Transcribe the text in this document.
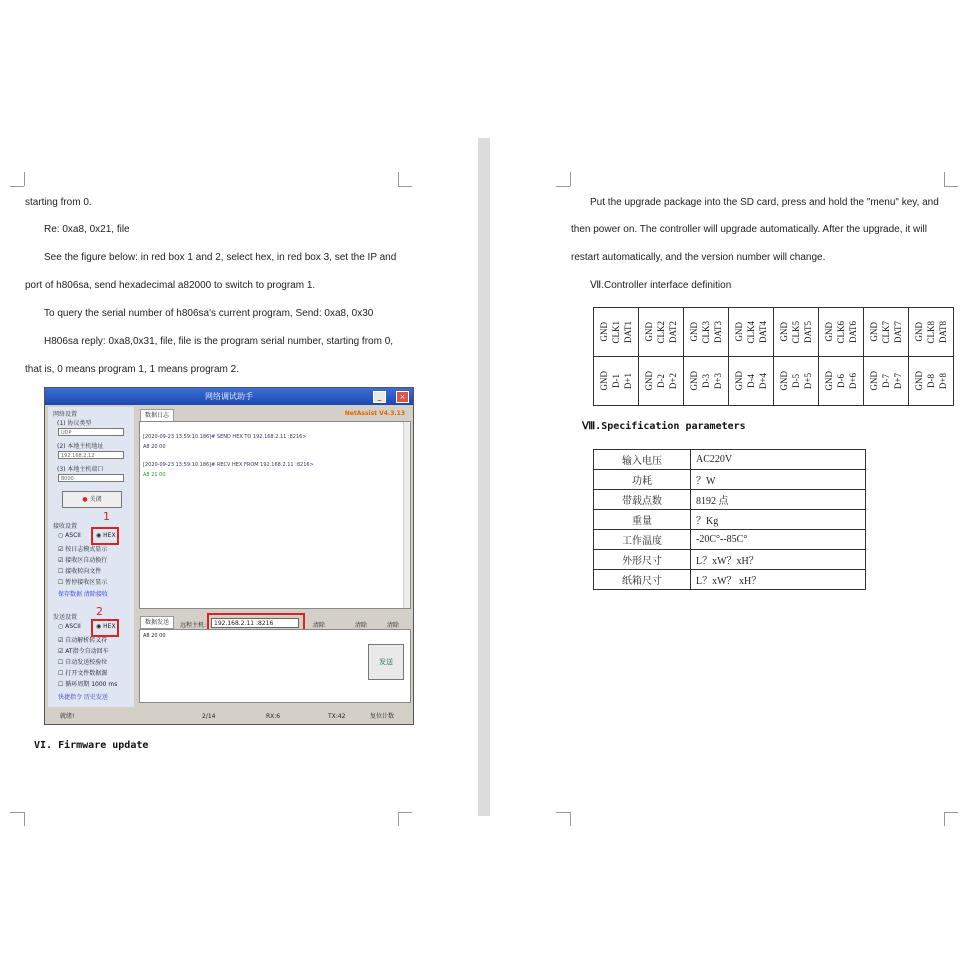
starting from 0.
Re: 0xa8, 0x21, file
See the figure below: in red box 1 and 2, select hex, in red box 3, set the IP and
port of h806sa, send hexadecimal a82000 to switch to program 1.
To query the serial number of h806sa's current program, Send: 0xa8, 0x30
H806sa reply: 0xa8,0x31, file, file is the program serial number, starting from 0,
that is, 0 means program 1, 1 means program 2.
网络调试助手	_	×
网络设置
(1) 协议类型
UDP
(2) 本地主机地址
192.168.2.12
(3) 本地主机端口
8000
● 关闭
接收设置
○ ASCII	◉ HEX
☑ 按日志模式显示
☑ 接收区自动换行
☐ 接收转向文件
☐ 暂停接收区显示
保存数据 清除接收
发送设置
○ ASCII	◉ HEX
☑ 自动解析转义符
☑ AT指令自动回车
☐ 自动发送校验位
☐ 打开文件数据源
☐ 循环周期 1000 ms
快捷指令 历史发送
1
2
数据日志	NetAssist V4.3.13
[2020-09-23 13:59:10.186]# SEND HEX TO 192.168.2.11 :8216>
A8 20 00
[2020-09-23 13:59:10.186]# RECV HEX FROM 192.168.2.11 :8216>
A8 21 00
数据发送	远程主机:	192.168.2.11 :8216	清除	清除	清除
A8 20 00
发送
就绪!	2/14	RX:6	TX:42	复位计数
VI. Firmware update
Put the upgrade package into the SD card, press and hold the "menu" key, and
then power on. The controller will upgrade automatically. After the upgrade, it will
restart automatically, and the version number will change.
Ⅶ.Controller interface definition
GND CLK1 DAT1	GND CLK2 DAT2	GND CLK3 DAT3	GND CLK4 DAT4	GND CLK5 DAT5	GND CLK6 DAT6	GND CLK7 DAT7	GND CLK8 DAT8

GND D-1 D+1	GND D-2 D+2	GND D-3 D+3	GND D-4 D+4	GND D-5 D+5	GND D-6 D+6	GND D-7 D+7	GND D-8 D+8
Ⅷ.Specification parameters
输入电压	AC220V
功耗	？W
带载点数	8192 点
重量	？Kg
工作温度	-20C°--85C°
外形尺寸	L？xW？xH？
纸箱尺寸	L？xW？ xH？
